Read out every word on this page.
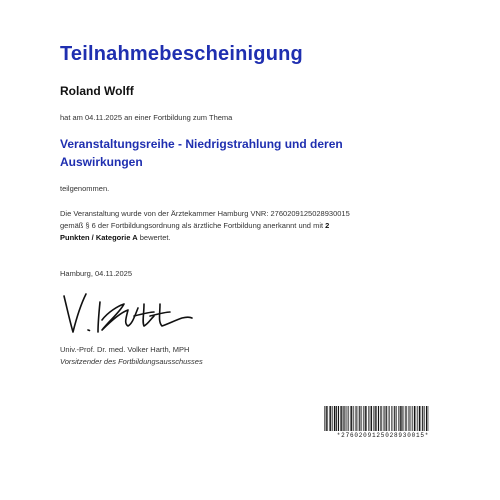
Teilnahmebescheinigung
Roland Wolff
hat am 04.11.2025 an einer Fortbildung zum Thema
Veranstaltungsreihe - Niedrigstrahlung und deren Auswirkungen
teilgenommen.
Die Veranstaltung wurde von der Ärztekammer Hamburg VNR: 2760209125028930015
gemäß § 6 der Fortbildungsordnung als ärztliche Fortbildung anerkannt und mit 2
Punkten / Kategorie A bewertet.
Hamburg, 04.11.2025
Univ.-Prof. Dr. med. Volker Harth, MPH
Vorsitzender des Fortbildungsausschusses
*2760209125028930015*
